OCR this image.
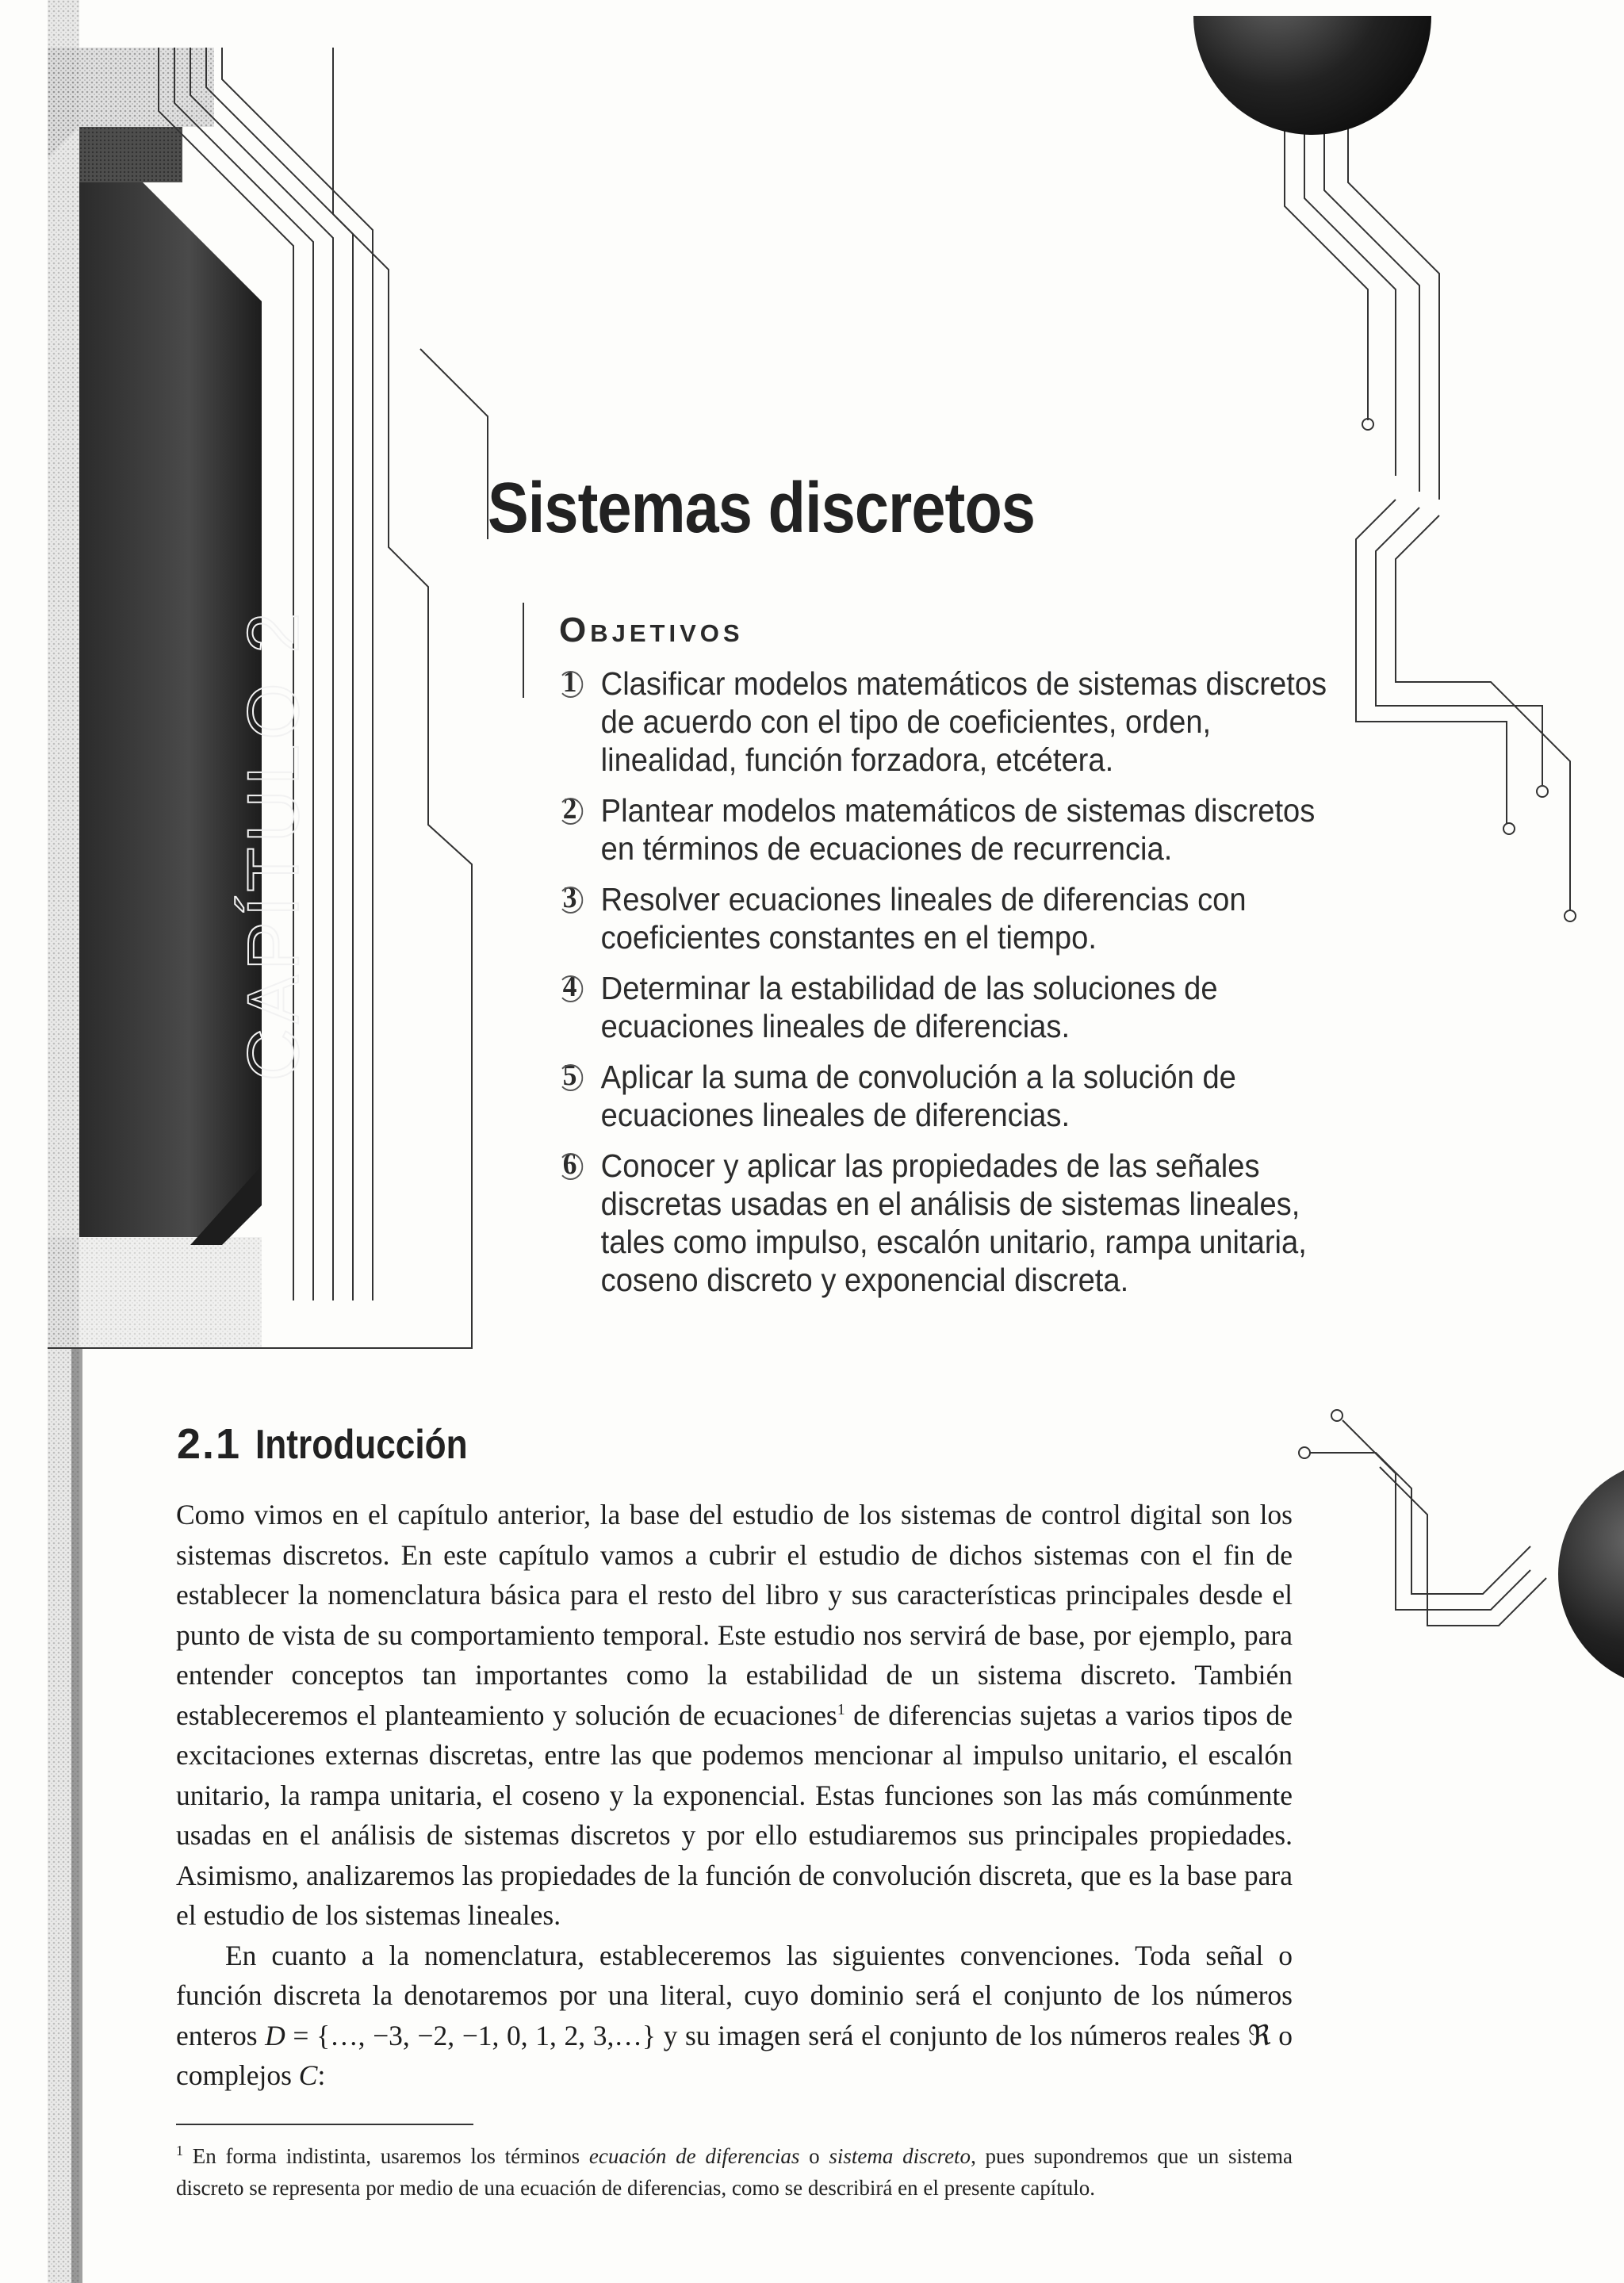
CAPÍTULO 2
Sistemas discretos
Objetivos
1 Clasificar modelos matemáticos de sistemas discretos de acuerdo con el tipo de coeficientes, orden, linealidad, función forzadora, etcétera.
2 Plantear modelos matemáticos de sistemas discretos en términos de ecuaciones de recurrencia.
3 Resolver ecuaciones lineales de diferencias con coeficientes constantes en el tiempo.
4 Determinar la estabilidad de las soluciones de ecuaciones lineales de diferencias.
5 Aplicar la suma de convolución a la solución de ecuaciones lineales de diferencias.
6 Conocer y aplicar las propiedades de las señales discretas usadas en el análisis de sistemas lineales, tales como impulso, escalón unitario, rampa unitaria, coseno discreto y exponencial discreta.
2.1 Introducción

Como vimos en el capítulo anterior, la base del estudio de los sistemas de control digital son los sistemas discretos. En este capítulo vamos a cubrir el estudio de dichos sistemas con el fin de establecer la nomenclatura básica para el resto del libro y sus características principales desde el punto de vista de su comportamiento temporal. Este estudio nos servirá de base, por ejemplo, para entender conceptos tan importantes como la estabilidad de un sistema discreto. También estableceremos el planteamiento y solución de ecuaciones$^1$ de diferencias sujetas a varios tipos de excitaciones externas discretas, entre las que podemos mencionar al impulso unitario, el escalón unitario, la rampa unitaria, el coseno y la exponencial. Estas funciones son las más comúnmente usadas en el análisis de sistemas discretos y por ello estudiaremos sus principales propiedades. Asimismo, analizaremos las propiedades de la función de convolución discreta, que es la base para el estudio de los sistemas lineales.

En cuanto a la nomenclatura, estableceremos las siguientes convenciones. Toda señal o función discreta la denotaremos por una literal, cuyo dominio será el conjunto de los números enteros D = {…, −3, −2, −1, 0, 1, 2, 3,…} y su imagen será el conjunto de los números reales ℜ o complejos C:

$^1$ En forma indistinta, usaremos los términos ecuación de diferencias o sistema discreto, pues supondremos que un sistema discreto se representa por medio de una ecuación de diferencias, como se describirá en el presente capítulo.
